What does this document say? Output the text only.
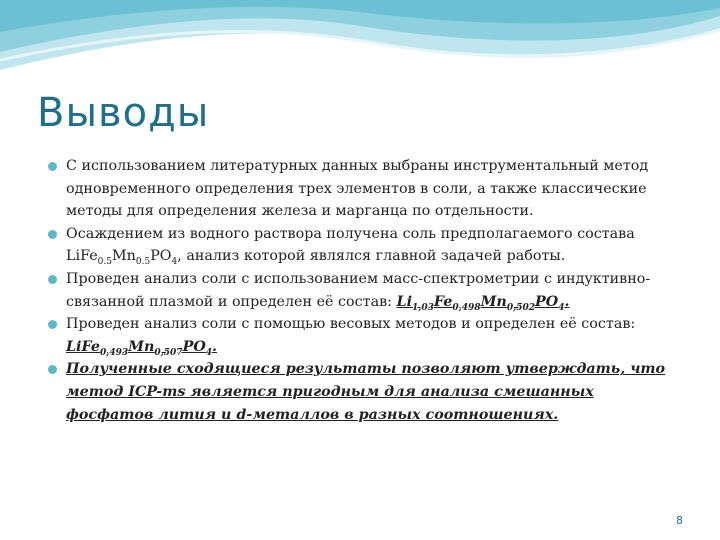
Выводы
С использованием литературных данных выбраны инструментальный метод одновременного определения трех элементов в соли, а также классические методы для определения железа и марганца по отдельности.
Осаждением из водного раствора получена соль предполагаемого состава $LiFe_{0.5}Mn_{0.5}PO_4$, анализ которой являлся главной задачей работы.
Проведен анализ соли с использованием масс-спектрометрии с индуктивно-связанной плазмой и определен её состав: $Li_{1,03}Fe_{0,498}Mn_{0,502}PO_4$.
Проведен анализ соли с помощью весовых методов и определен её состав: $LiFe_{0,493}Mn_{0,507}PO_4$.
Полученные сходящиеся результаты позволяют утверждать, что метод ICP-ms является пригодным для анализа смешанных фосфатов лития и d-металлов в разных соотношениях.
8
